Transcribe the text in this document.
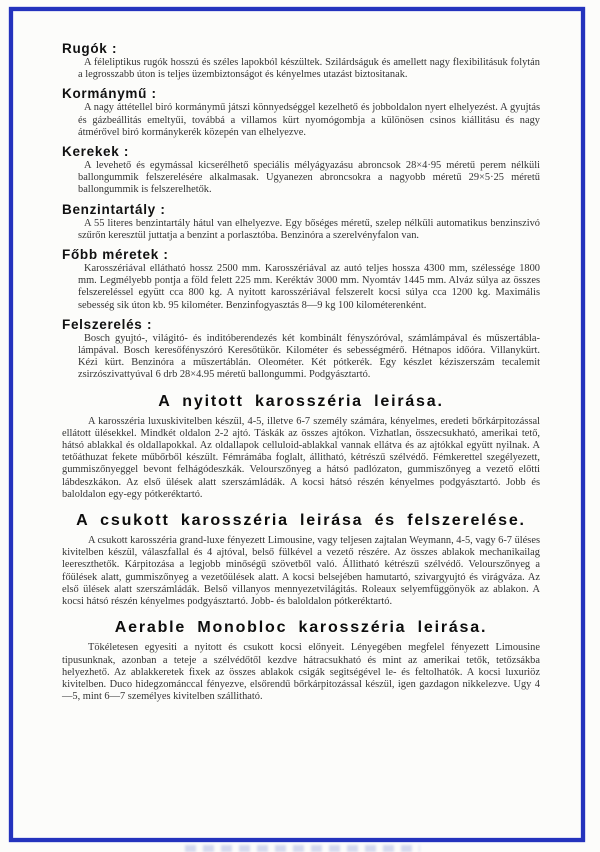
Rugók :

A féleliptikus rugók hosszú és széles lapokból készültek. Szilárdságuk és amellett nagy flexibilitásuk folytán a legrosszabb úton is teljes üzembiztonságot és kényelmes utazást biztositanak.

Kormánymű :

A nagy áttétellel biró kormánymű játszi könnyedséggel kezelhető és jobboldalon nyert elhelyezést. A gyujtás és gázbeállitás emeltyűi, továbbá a villamos kürt nyomógombja a különösen csinos kiállitásu és nagy átmérővel biró kormánykerék közepén van elhelyezve.

Kerekek :

A levehető és egymással kicserélhető speciális mélyágyazásu abroncsok 28×4·95 méretű perem nélküli ballongummik felszerelésére alkalmasak. Ugyanezen abroncsokra a nagyobb méretű 29×5·25 méretű ballongummik is felszerelhetők.

Benzintartály :

A 55 literes benzintartály hátul van elhelyezve. Egy bőséges méretű, szelep nélküli automatikus benzinszivó szűrőn keresztül juttatja a benzint a porlasztóba. Benzinóra a szerelvényfalon van.

Főbb méretek :

Karosszériával ellátható hossz 2500 mm. Karosszériával az autó teljes hossza 4300 mm, szélessége 1800 mm. Legmélyebb pontja a föld felett 225 mm. Keréktáv 3000 mm. Nyomtáv 1445 mm. Alváz súlya az összes felszereléssel együtt cca 800 kg. A nyitott karosszériával felszerelt kocsi súlya cca 1200 kg. Maximális sebesség sik úton kb. 95 kilométer. Benzinfogyasztás 8—9 kg 100 kilométerenként.

Felszerelés :

Bosch gyujtó-, világitó- és inditóberendezés két kombinált fényszóróval, számlámpával és műszertábla-lámpával. Bosch keresőfényszóró Keresőtükör. Kilométer és sebességmérő. Hétnapos időóra. Villanykürt. Kézi kürt. Benzinóra a műszertáblán. Oleométer. Két pótkerék. Egy készlet kéziszerszám tecalemit zsirzószivattyúval 6 drb 28×4.95 méretű ballongummi. Podgyásztartó.

A nyitott karosszéria leirása.

A karosszéria luxuskivitelben készül, 4-5, illetve 6-7 személy számára, kényelmes, eredeti bőrkárpitozással ellátott ülésekkel. Mindkét oldalon 2-2 ajtó. Táskák az összes ajtókon. Vizhatlan, összecsukható, amerikai tető, hátsó ablakkal és oldallapokkal. Az oldallapok celluloid-ablakkal vannak ellátva és az ajtókkal együtt nyilnak. A tetőáthuzat fekete műbőrből készült. Fémrámába foglalt, állitható, kétrészű szélvédő. Fémkerettel szegélyezett, gummiszőnyeggel bevont felhágódeszkák. Velourszőnyeg a hátsó padlózaton, gummiszőnyeg a vezető előtti lábdeszkákon. Az első ülések alatt szerszámládák. A kocsi hátsó részén kényelmes podgyásztartó. Jobb és baloldalon egy-egy pótkeréktartó.

A csukott karosszéria leirása és felszerelése.

A csukott karosszéria grand-luxe fényezett Limousine, vagy teljesen zajtalan Weymann, 4-5, vagy 6-7 üléses kivitelben készül, válaszfallal és 4 ajtóval, belső fülkével a vezető részére. Az összes ablakok mechanikailag leereszthetők. Kárpitozása a legjobb minőségű szövetből való. Állitható kétrészű szélvédő. Velourszőnyeg a főülések alatt, gummiszőnyeg a vezetőülések alatt. A kocsi belsejében hamutartó, szivargyujtó és virágváza. Az első ülések alatt szerszámládák. Belső villanyos mennyezetvilágitás. Roleaux selyemfüggönyök az ablakon. A kocsi hátsó részén kényelmes podgyásztartó. Jobb- és baloldalon pótkeréktartó.

Aerable Monobloc karosszéria leirása.

Tökéletesen egyesiti a nyitott és csukott kocsi előnyeit. Lényegében megfelel fényezett Limousine tipusunknak, azonban a teteje a szélvédőtől kezdve hátracsukható és mint az amerikai tetők, tetőzsákba helyezhető. Az ablakkeretek fixek az összes ablakok csigák segitségével le- és feltolhatók. A kocsi luxuriöz kivitelben. Duco hidegzománccal fényezve, elsőrendű bőrkárpitozással készül, igen gazdagon nikkelezve. Ugy 4—5, mint 6—7 személyes kivitelben szállitható.
